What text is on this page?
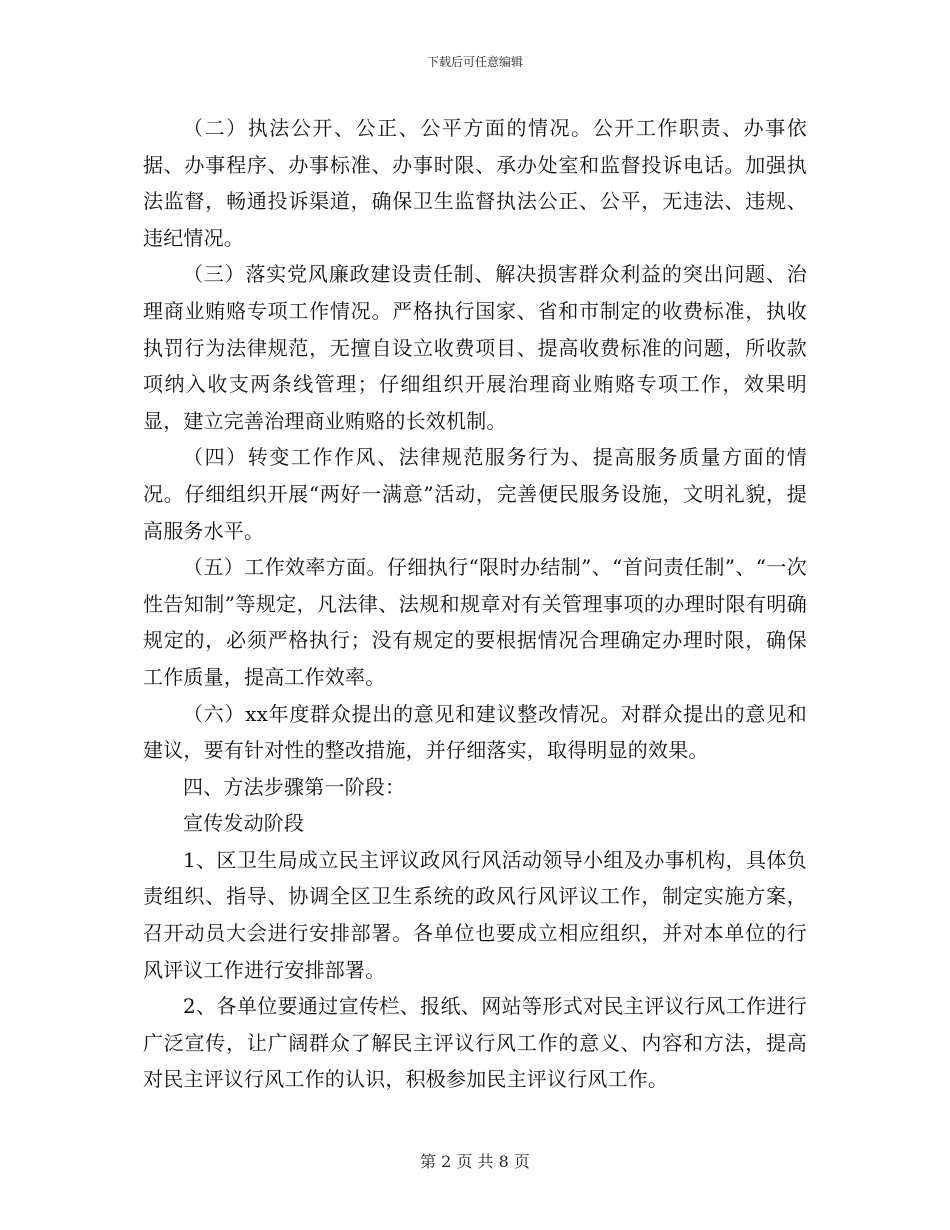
下载后可任意编辑

（二）执法公开、公正、公平方面的情况。公开工作职责、办事依据、办事程序、办事标准、办事时限、承办处室和监督投诉电话。加强执法监督，畅通投诉渠道，确保卫生监督执法公正、公平，无违法、违规、违纪情况。

（三）落实党风廉政建设责任制、解决损害群众利益的突出问题、治理商业贿赂专项工作情况。严格执行国家、省和市制定的收费标准，执收执罚行为法律规范，无擅自设立收费项目、提高收费标准的问题，所收款项纳入收支两条线管理；仔细组织开展治理商业贿赂专项工作，效果明显，建立完善治理商业贿赂的长效机制。

（四）转变工作作风、法律规范服务行为、提高服务质量方面的情况。仔细组织开展“两好一满意”活动，完善便民服务设施，文明礼貌，提高服务水平。

（五）工作效率方面。仔细执行“限时办结制”、“首问责任制”、“一次性告知制”等规定，凡法律、法规和规章对有关管理事项的办理时限有明确规定的，必须严格执行；没有规定的要根据情况合理确定办理时限，确保工作质量，提高工作效率。

（六）xx年度群众提出的意见和建议整改情况。对群众提出的意见和建议，要有针对性的整改措施，并仔细落实，取得明显的效果。

四、方法步骤第一阶段：

宣传发动阶段

1、区卫生局成立民主评议政风行风活动领导小组及办事机构，具体负责组织、指导、协调全区卫生系统的政风行风评议工作，制定实施方案，召开动员大会进行安排部署。各单位也要成立相应组织，并对本单位的行风评议工作进行安排部署。

2、各单位要通过宣传栏、报纸、网站等形式对民主评议行风工作进行广泛宣传，让广阔群众了解民主评议行风工作的意义、内容和方法，提高对民主评议行风工作的认识，积极参加民主评议行风工作。

第 2 页 共 8 页
